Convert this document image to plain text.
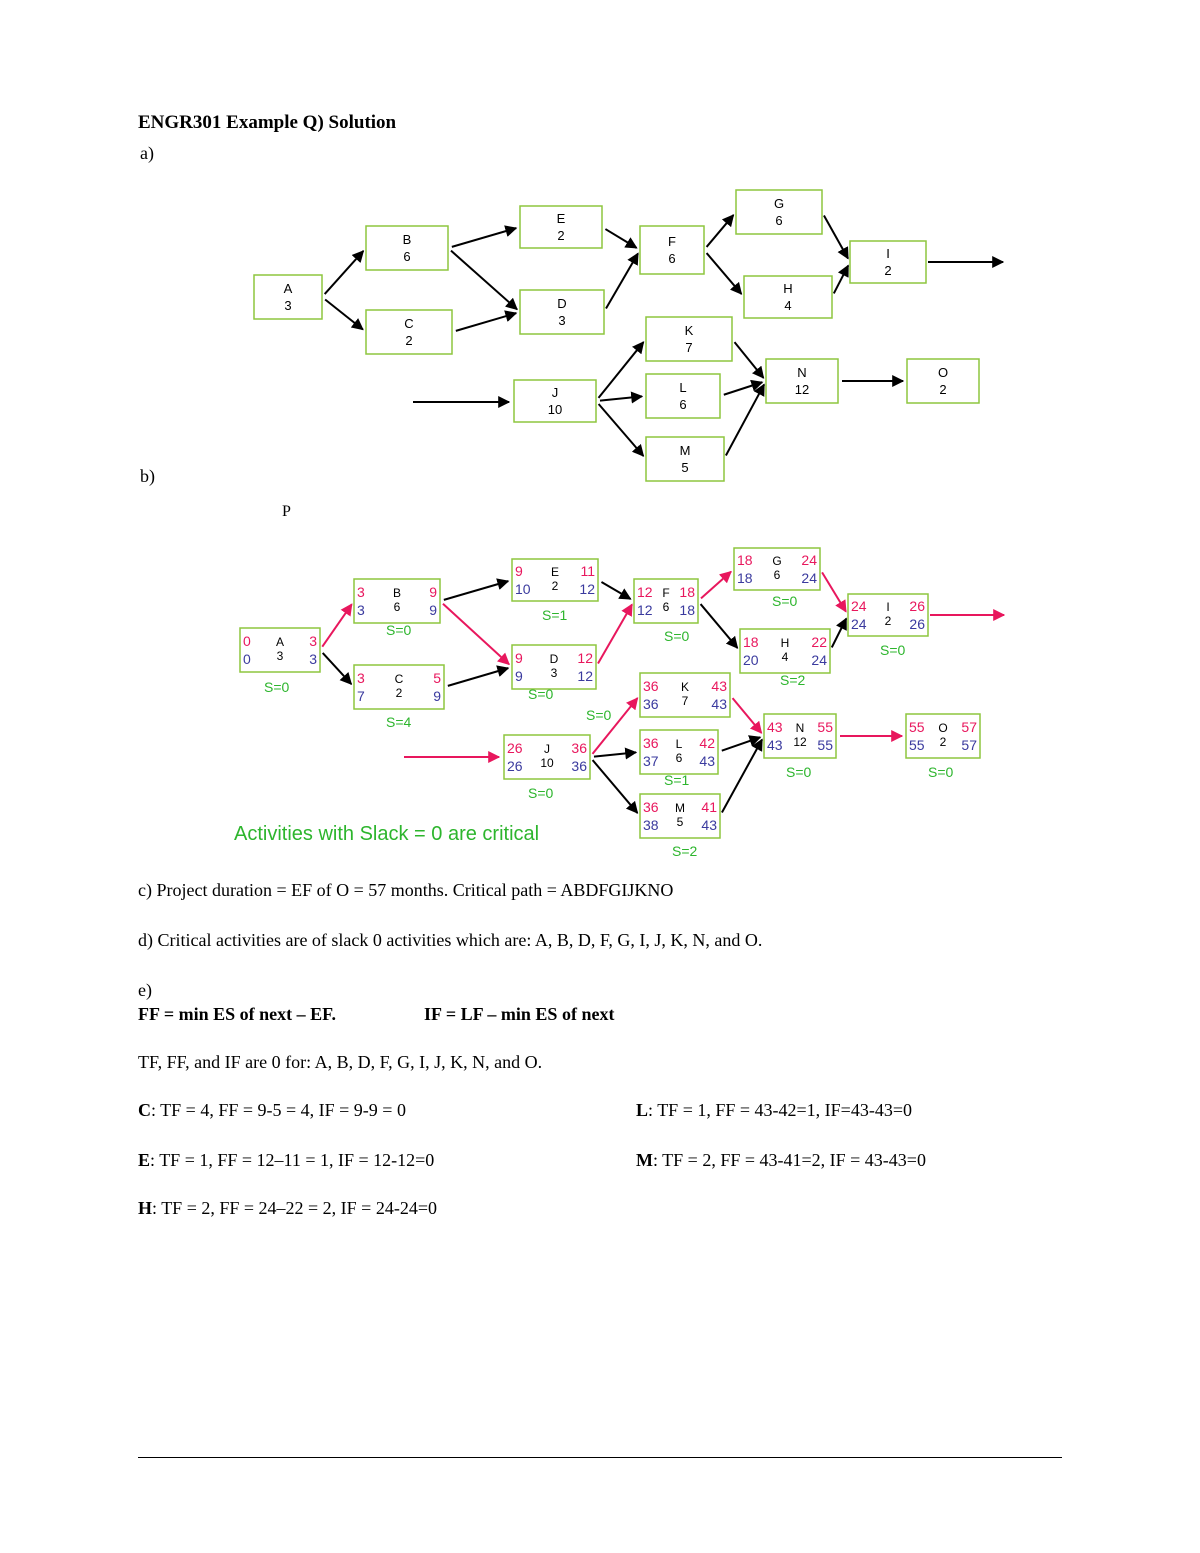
ENGR301 Example Q) Solution
a)
b)
P
A
3
B
6
C
2
D
3
E
2	F
6
G
6
H
4
I
2
J
10
K
7
L
6
M
5
N
12
O
2
A
3
0	3
0	3
S=0
B
6
3	9
3	9
S=0
C
2
3	5
7	9
S=4
D
3
9	12
9	12
S=0
E
2
9	11
10	12
S=1
F
6
12 18
12 18
S=0
G
6
18	24
18	24
S=0
H
4
18	22
20	24
S=2
I
2
24	26
24	26
S=0
J
10
26	36
26	36
S=0
K
7
36	43
36	43
S=0
L
6
36	42
37	43
S=1
M
5
36	41
38	43
S=2
N
12
43 55
43 55
S=0
O
2
55	57
55	57
S=0
Activities with Slack = 0 are critical
c) Project duration = EF of O = 57 months. Critical path = ABDFGIJKNO
d) Critical activities are of slack 0 activities which are: A, B, D, F, G, I, J, K, N, and O.
e)
FF = min ES of next – EF.	IF = LF – min ES of next
TF, FF, and IF are 0 for: A, B, D, F, G, I, J, K, N, and O.
C: TF = 4, FF = 9-5 = 4, IF = 9-9 = 0	L: TF = 1, FF = 43-42=1, IF=43-43=0
E: TF = 1, FF = 12–11 = 1, IF = 12-12=0	M: TF = 2, FF = 43-41=2, IF = 43-43=0
H: TF = 2, FF = 24–22 = 2, IF = 24-24=0
